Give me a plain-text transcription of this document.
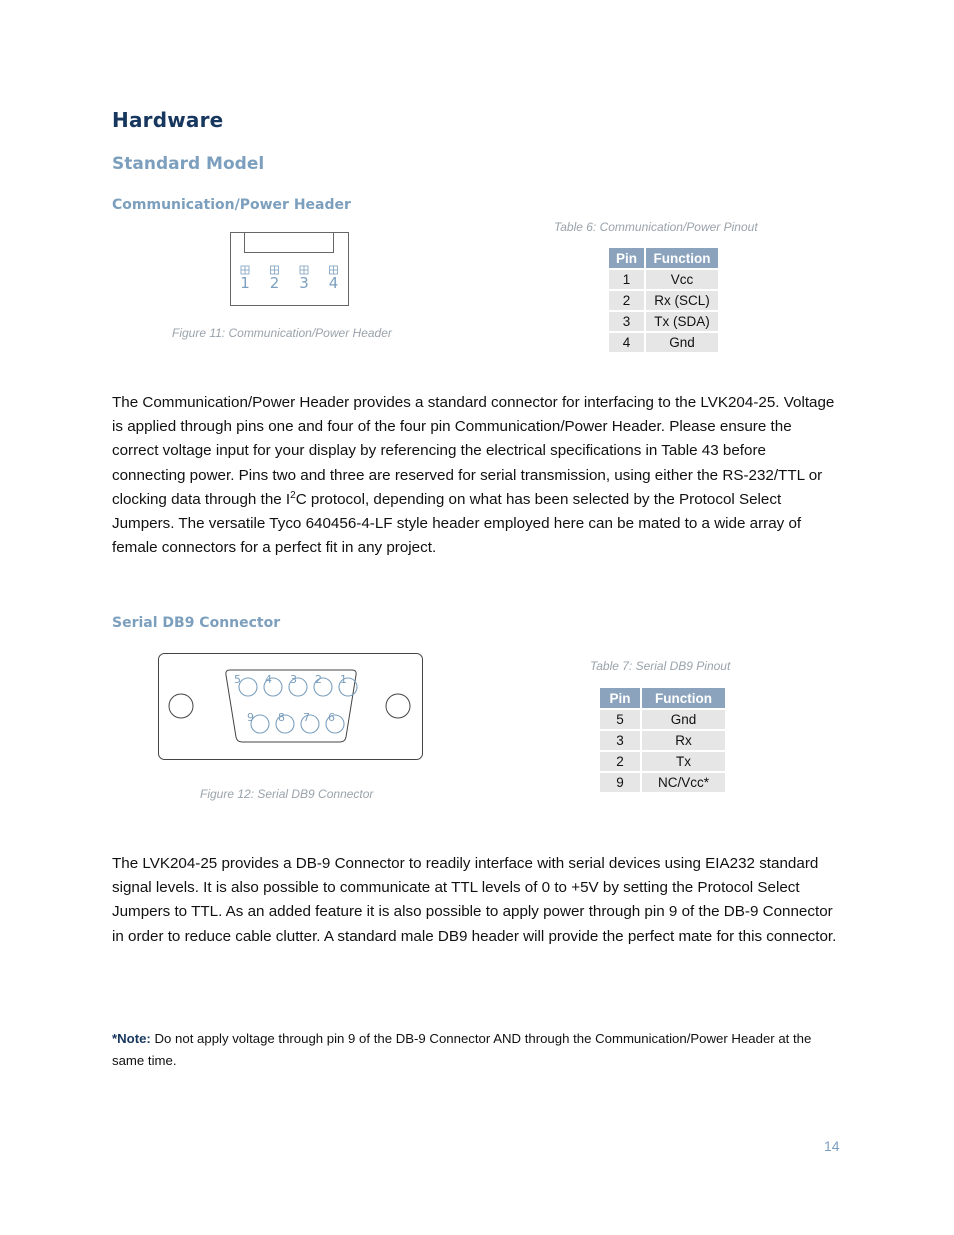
Hardware
Standard Model
Communication/Power Header
1 2 3 4
Figure 11: Communication/Power Header
Table 6: Communication/Power Pinout
Pin	Function
1	Vcc
2	Rx (SCL)
3	Tx (SDA)
4	Gnd

The Communication/Power Header provides a standard connector for interfacing to the LVK204-25. Voltage is applied through pins one and four of the four pin Communication/Power Header. Please ensure the correct voltage input for your display by referencing the electrical specifications in Table 43 before connecting power. Pins two and three are reserved for serial transmission, using either the RS-232/TTL or clocking data through the $I^2C$ protocol, depending on what has been selected by the Protocol Select Jumpers. The versatile Tyco 640456-4-LF style header employed here can be mated to a wide array of female connectors for a perfect fit in any project.

Serial DB9 Connector
5 4 3 2 1
9 8 7 6
Figure 12: Serial DB9 Connector
Table 7: Serial DB9 Pinout
Pin	Function
5	Gnd
3	Rx
2	Tx
9	NC/Vcc*

The LVK204-25 provides a DB-9 Connector to readily interface with serial devices using EIA232 standard signal levels. It is also possible to communicate at TTL levels of 0 to +5V by setting the Protocol Select Jumpers to TTL. As an added feature it is also possible to apply power through pin 9 of the DB-9 Connector in order to reduce cable clutter. A standard male DB9 header will provide the perfect mate for this connector.

*Note: Do not apply voltage through pin 9 of the DB-9 Connector AND through the Communication/Power Header at the same time.

14
